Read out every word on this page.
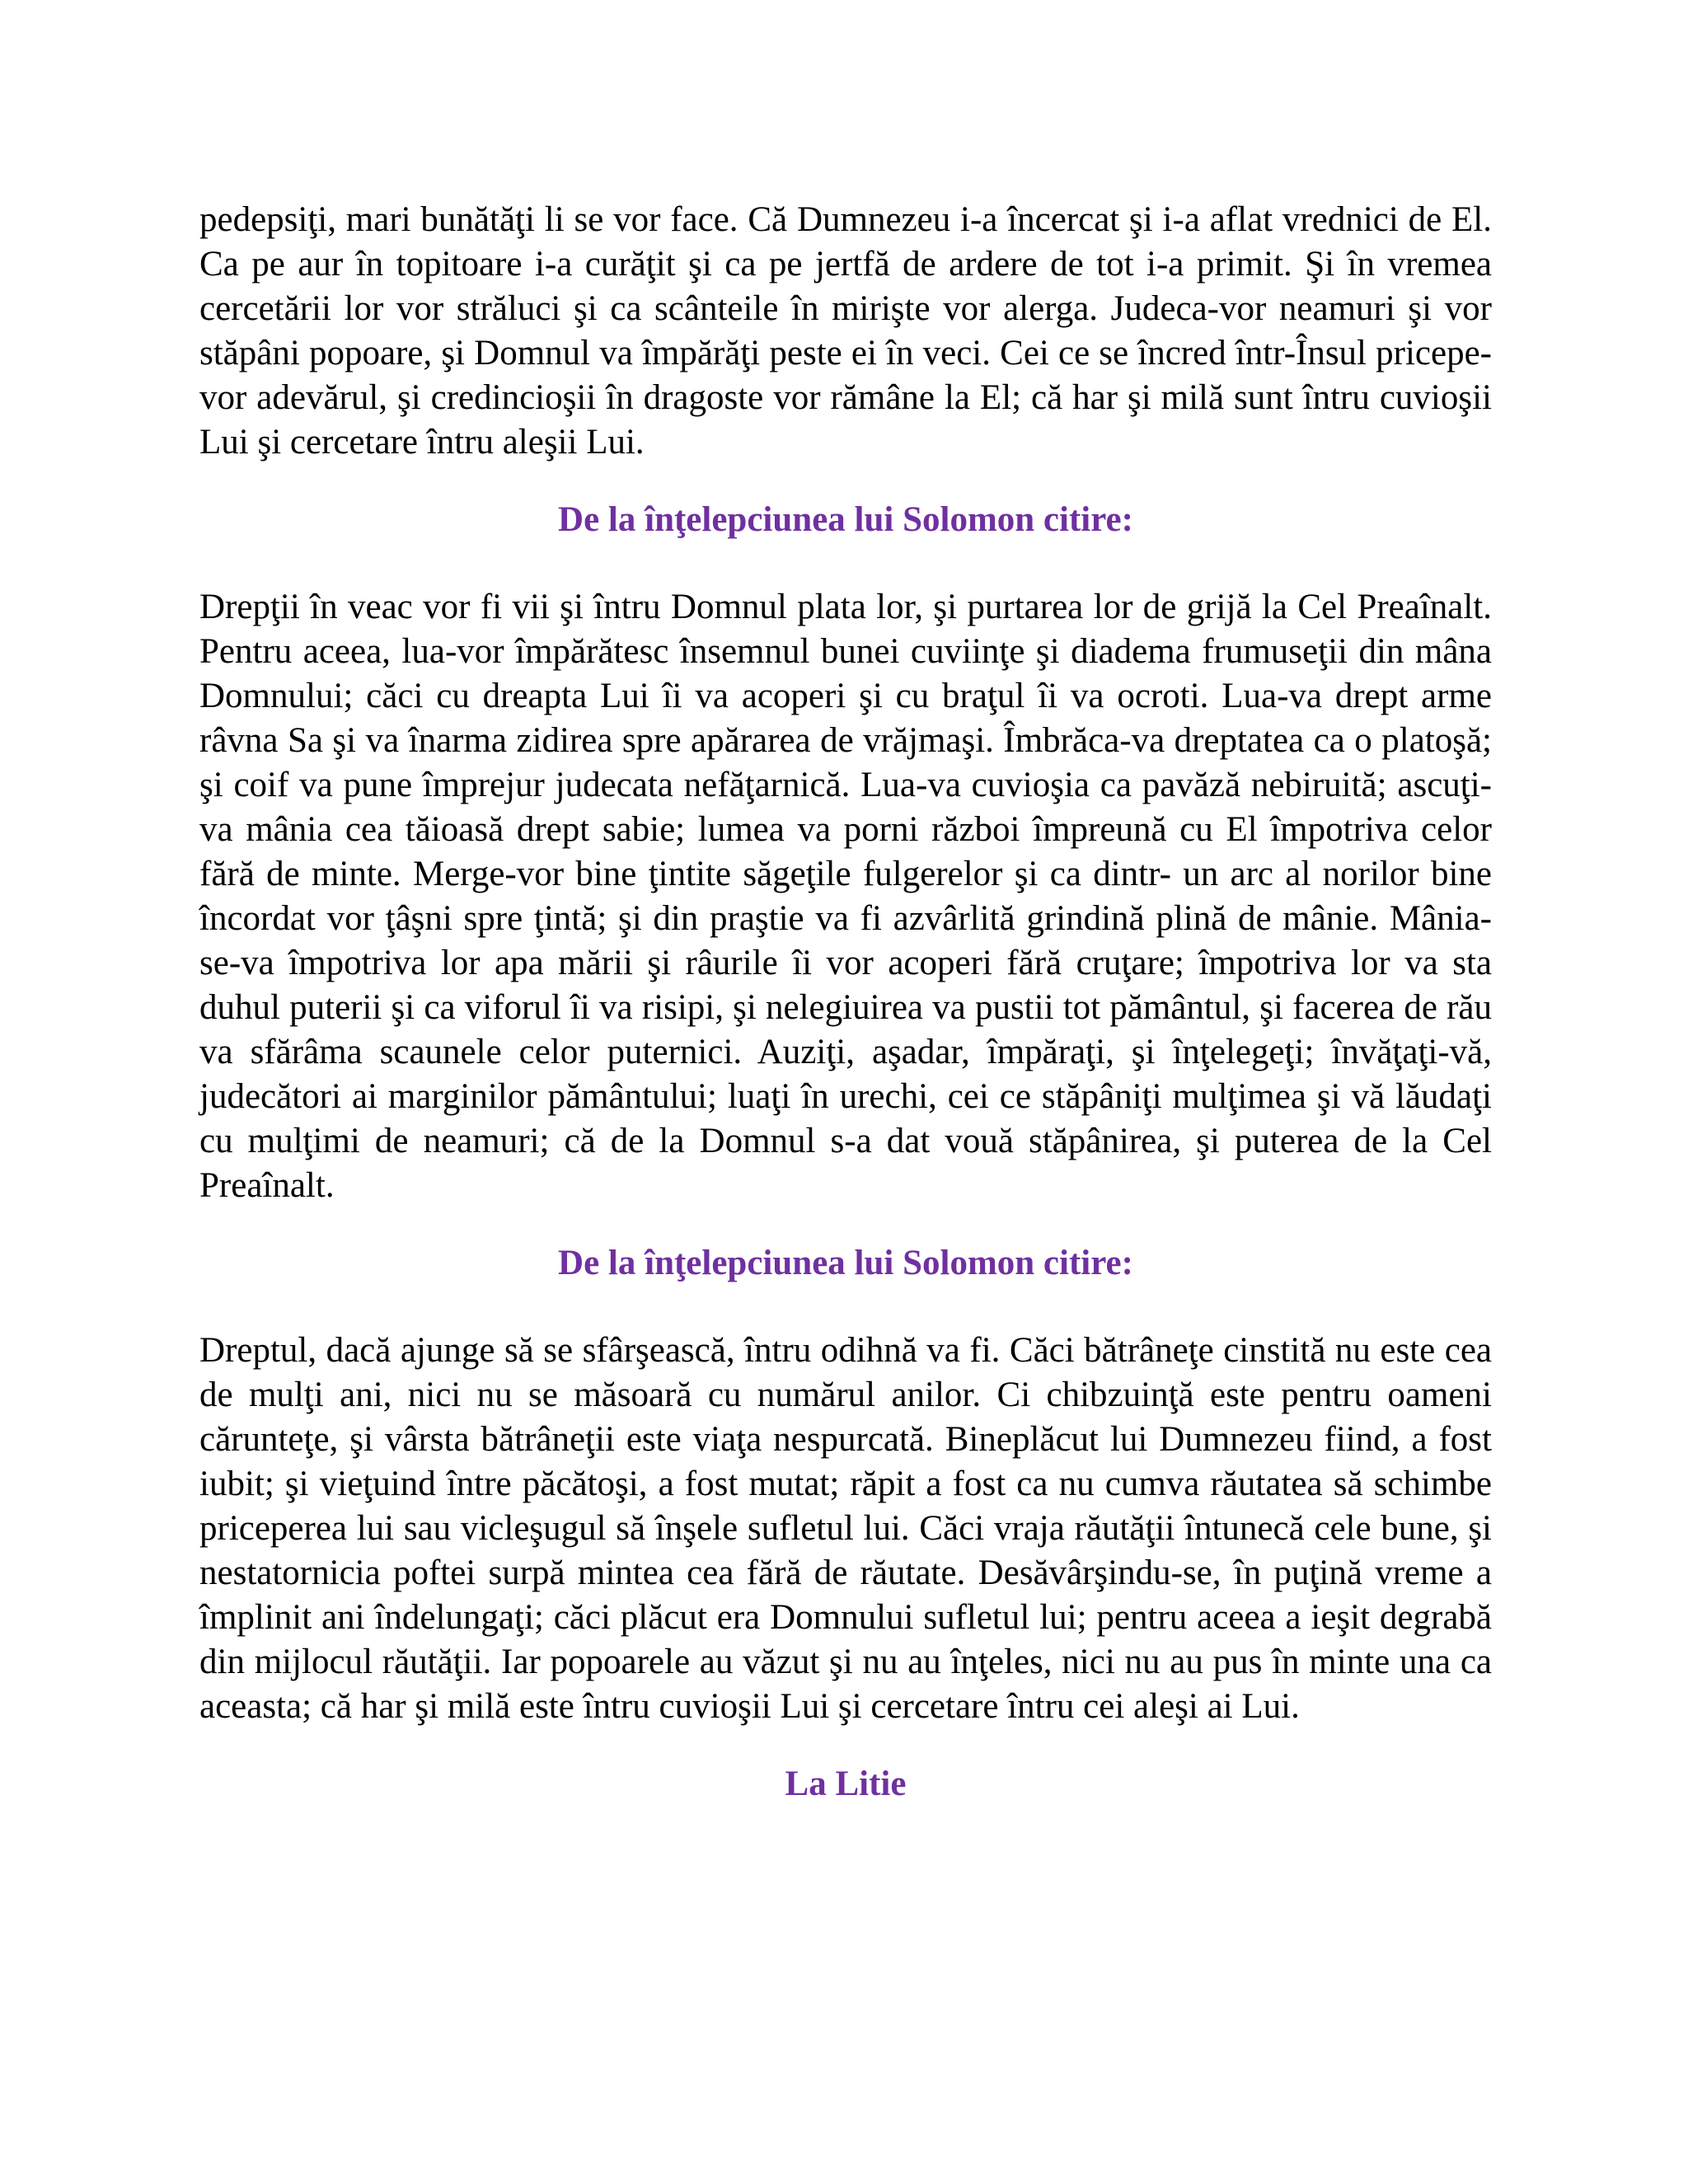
pedepsiţi, mari bunătăţi li se vor face. Că Dumnezeu i-a încercat şi i-a aflat vrednici de El. Ca pe aur în topitoare i-a curăţit şi ca pe jertfă de ardere de tot i-a primit. Şi în vremea cercetării lor vor străluci şi ca scânteile în mirişte vor alerga. Judeca-vor neamuri şi vor stăpâni popoare, şi Domnul va împărăţi peste ei în veci. Cei ce se încred într-Însul pricepe-vor adevărul, şi credincioşii în dragoste vor rămâne la El; că har şi milă sunt întru cuvioşii Lui şi cercetare întru aleşii Lui.

De la înţelepciunea lui Solomon citire:

Drepţii în veac vor fi vii şi întru Domnul plata lor, şi purtarea lor de grijă la Cel Preaînalt. Pentru aceea, lua-vor împărătesc însemnul bunei cuviinţe şi diadema frumuseţii din mâna Domnului; căci cu dreapta Lui îi va acoperi şi cu braţul îi va ocroti. Lua-va drept arme râvna Sa şi va înarma zidirea spre apărarea de vrăjmaşi. Îmbrăca-va dreptatea ca o platoşă; şi coif va pune împrejur judecata nefăţarnică. Lua-va cuvioşia ca pavăză nebiruită; ascuţi-va mânia cea tăioasă drept sabie; lumea va porni război împreună cu El împotriva celor fără de minte. Merge-vor bine ţintite săgeţile fulgerelor şi ca dintr- un arc al norilor bine încordat vor ţâşni spre ţintă; şi din praştie va fi azvârlită grindină plină de mânie. Mânia-se-va împotriva lor apa mării şi râurile îi vor acoperi fără cruţare; împotriva lor va sta duhul puterii şi ca viforul îi va risipi, şi nelegiuirea va pustii tot pământul, şi facerea de rău va sfărâma scaunele celor puternici. Auziţi, aşadar, împăraţi, şi înţelegeţi; învăţaţi-vă, judecători ai marginilor pământului; luaţi în urechi, cei ce stăpâniţi mulţimea şi vă lăudaţi cu mulţimi de neamuri; că de la Domnul s-a dat vouă stăpânirea, şi puterea de la Cel Preaînalt.

De la înţelepciunea lui Solomon citire:

Dreptul, dacă ajunge să se sfârşească, întru odihnă va fi. Căci bătrâneţe cinstită nu este cea de mulţi ani, nici nu se măsoară cu numărul anilor. Ci chibzuinţă este pentru oameni cărunteţe, şi vârsta bătrâneţii este viaţa nespurcată. Bineplăcut lui Dumnezeu fiind, a fost iubit; şi vieţuind între păcătoşi, a fost mutat; răpit a fost ca nu cumva răutatea să schimbe priceperea lui sau vicleşugul să înşele sufletul lui. Căci vraja răutăţii întunecă cele bune, şi nestatornicia poftei surpă mintea cea fără de răutate. Desăvârşindu-se, în puţină vreme a împlinit ani îndelungaţi; căci plăcut era Domnului sufletul lui; pentru aceea a ieşit degrabă din mijlocul răutăţii. Iar popoarele au văzut şi nu au înţeles, nici nu au pus în minte una ca aceasta; că har şi milă este întru cuvioşii Lui şi cercetare întru cei aleşi ai Lui.

La Litie
